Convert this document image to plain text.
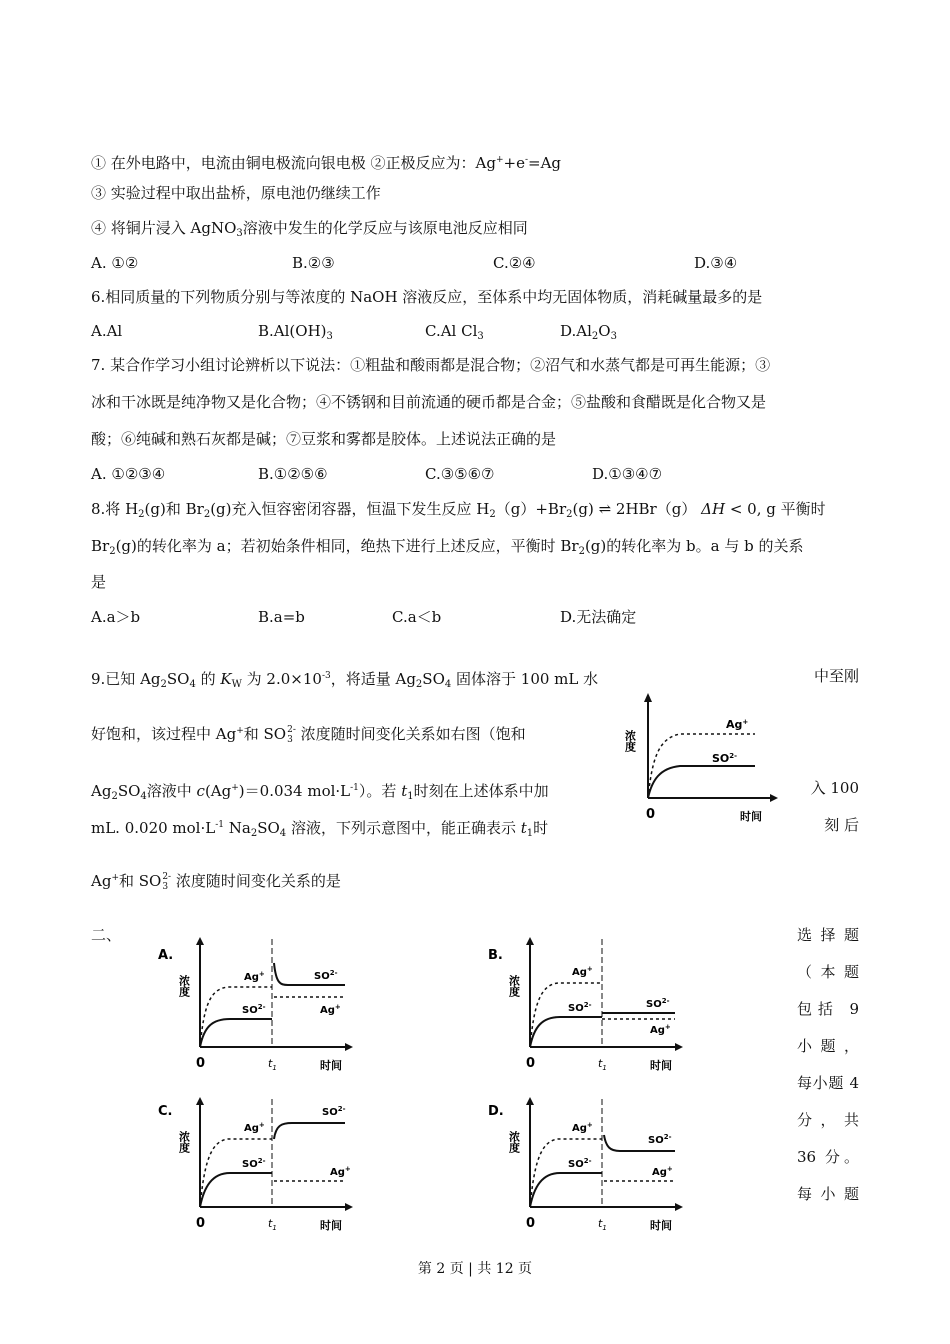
① 在外电路中，电流由铜电极流向银电极 ②正极反应为：Ag++e-=Ag
③ 实验过程中取出盐桥，原电池仍继续工作
④ 将铜片浸入 AgNO$_3$溶液中发生的化学反应与该原电池反应相同
A. ①②	B.②③	C.②④	D.③④
6.相同质量的下列物质分别与等浓度的 NaOH 溶液反应，至体系中均无固体物质，消耗碱量最多的是
A.Al	$B.Al(OH)_3$	C.Al $Cl_3$	$D.Al_2O_3$
7. 某合作学习小组讨论辨析以下说法：①粗盐和酸雨都是混合物；②沼气和水蒸气都是可再生能源；③
冰和干冰既是纯净物又是化合物；④不锈钢和目前流通的硬币都是合金；⑤盐酸和食醋既是化合物又是
酸；⑥纯碱和熟石灰都是碱；⑦豆浆和雾都是胶体。上述说法正确的是
A. ①②③④	B.①②⑤⑥	C.③⑤⑥⑦	D.①③④⑦
8.将 $H_2(g)$和 $Br_2(g)$充入恒容密闭容器，恒温下发生反应 $H_2(g)+Br_2(g)$ ⇌ 2HBr（g） ΔH < 0, g 平衡时
$Br_2(g)$的转化率为 a；若初始条件相同，绝热下进行上述反应，平衡时 $Br_2(g)$的转化率为 b。a 与 b 的关系
是
A.a＞b	B.a=b	C.a＜b	D.无法确定
9.已知 $Ag_2SO_4$ 的 $K_W$ 为 $2.0\times 10^{-3}$，将适量 $Ag_2SO_4$ 固体溶于 100 mL 水	中至刚
好饱和，该过程中 Ag+和 SO2-
3 浓度随时间变化关系如右图（饱和
$Ag_2SO_4$溶液中 c(Ag+)＝0.034 $mol\cdot L^{-1}$）。若 $t_1$时刻在上述体系中加	入 100
mL. 0.020 $mol\cdot L^{-1}$ $Na_2SO_4$ 溶液，下列示意图中，能正确表示 $t_1$时	刻 后
Ag+和 SO2-
3 浓度随时间变化关系的是
浓度
0	时间
Ag+
$SO^{2-}$
二、	选择题
（本题
包括 9
小题，
每小题 4
分，共
36 分。
每小题
A.
浓度
0	$t_1$	时间
Ag+
$SO^{2-}$
$SO^{2-}$
Ag+
B.
浓度
0	$t_1$	时间
Ag+
$SO^{2-}$	$SO^{2-}$
Ag+
C.
浓度
0	$t_1$	时间
Ag+
$SO^{2-}$
$SO^{2-}$
Ag+
D.
浓度
0	$t_1$	时间
Ag+
$SO^{2-}$
$SO^{2-}$
Ag+
第 2 页 | 共 12 页
